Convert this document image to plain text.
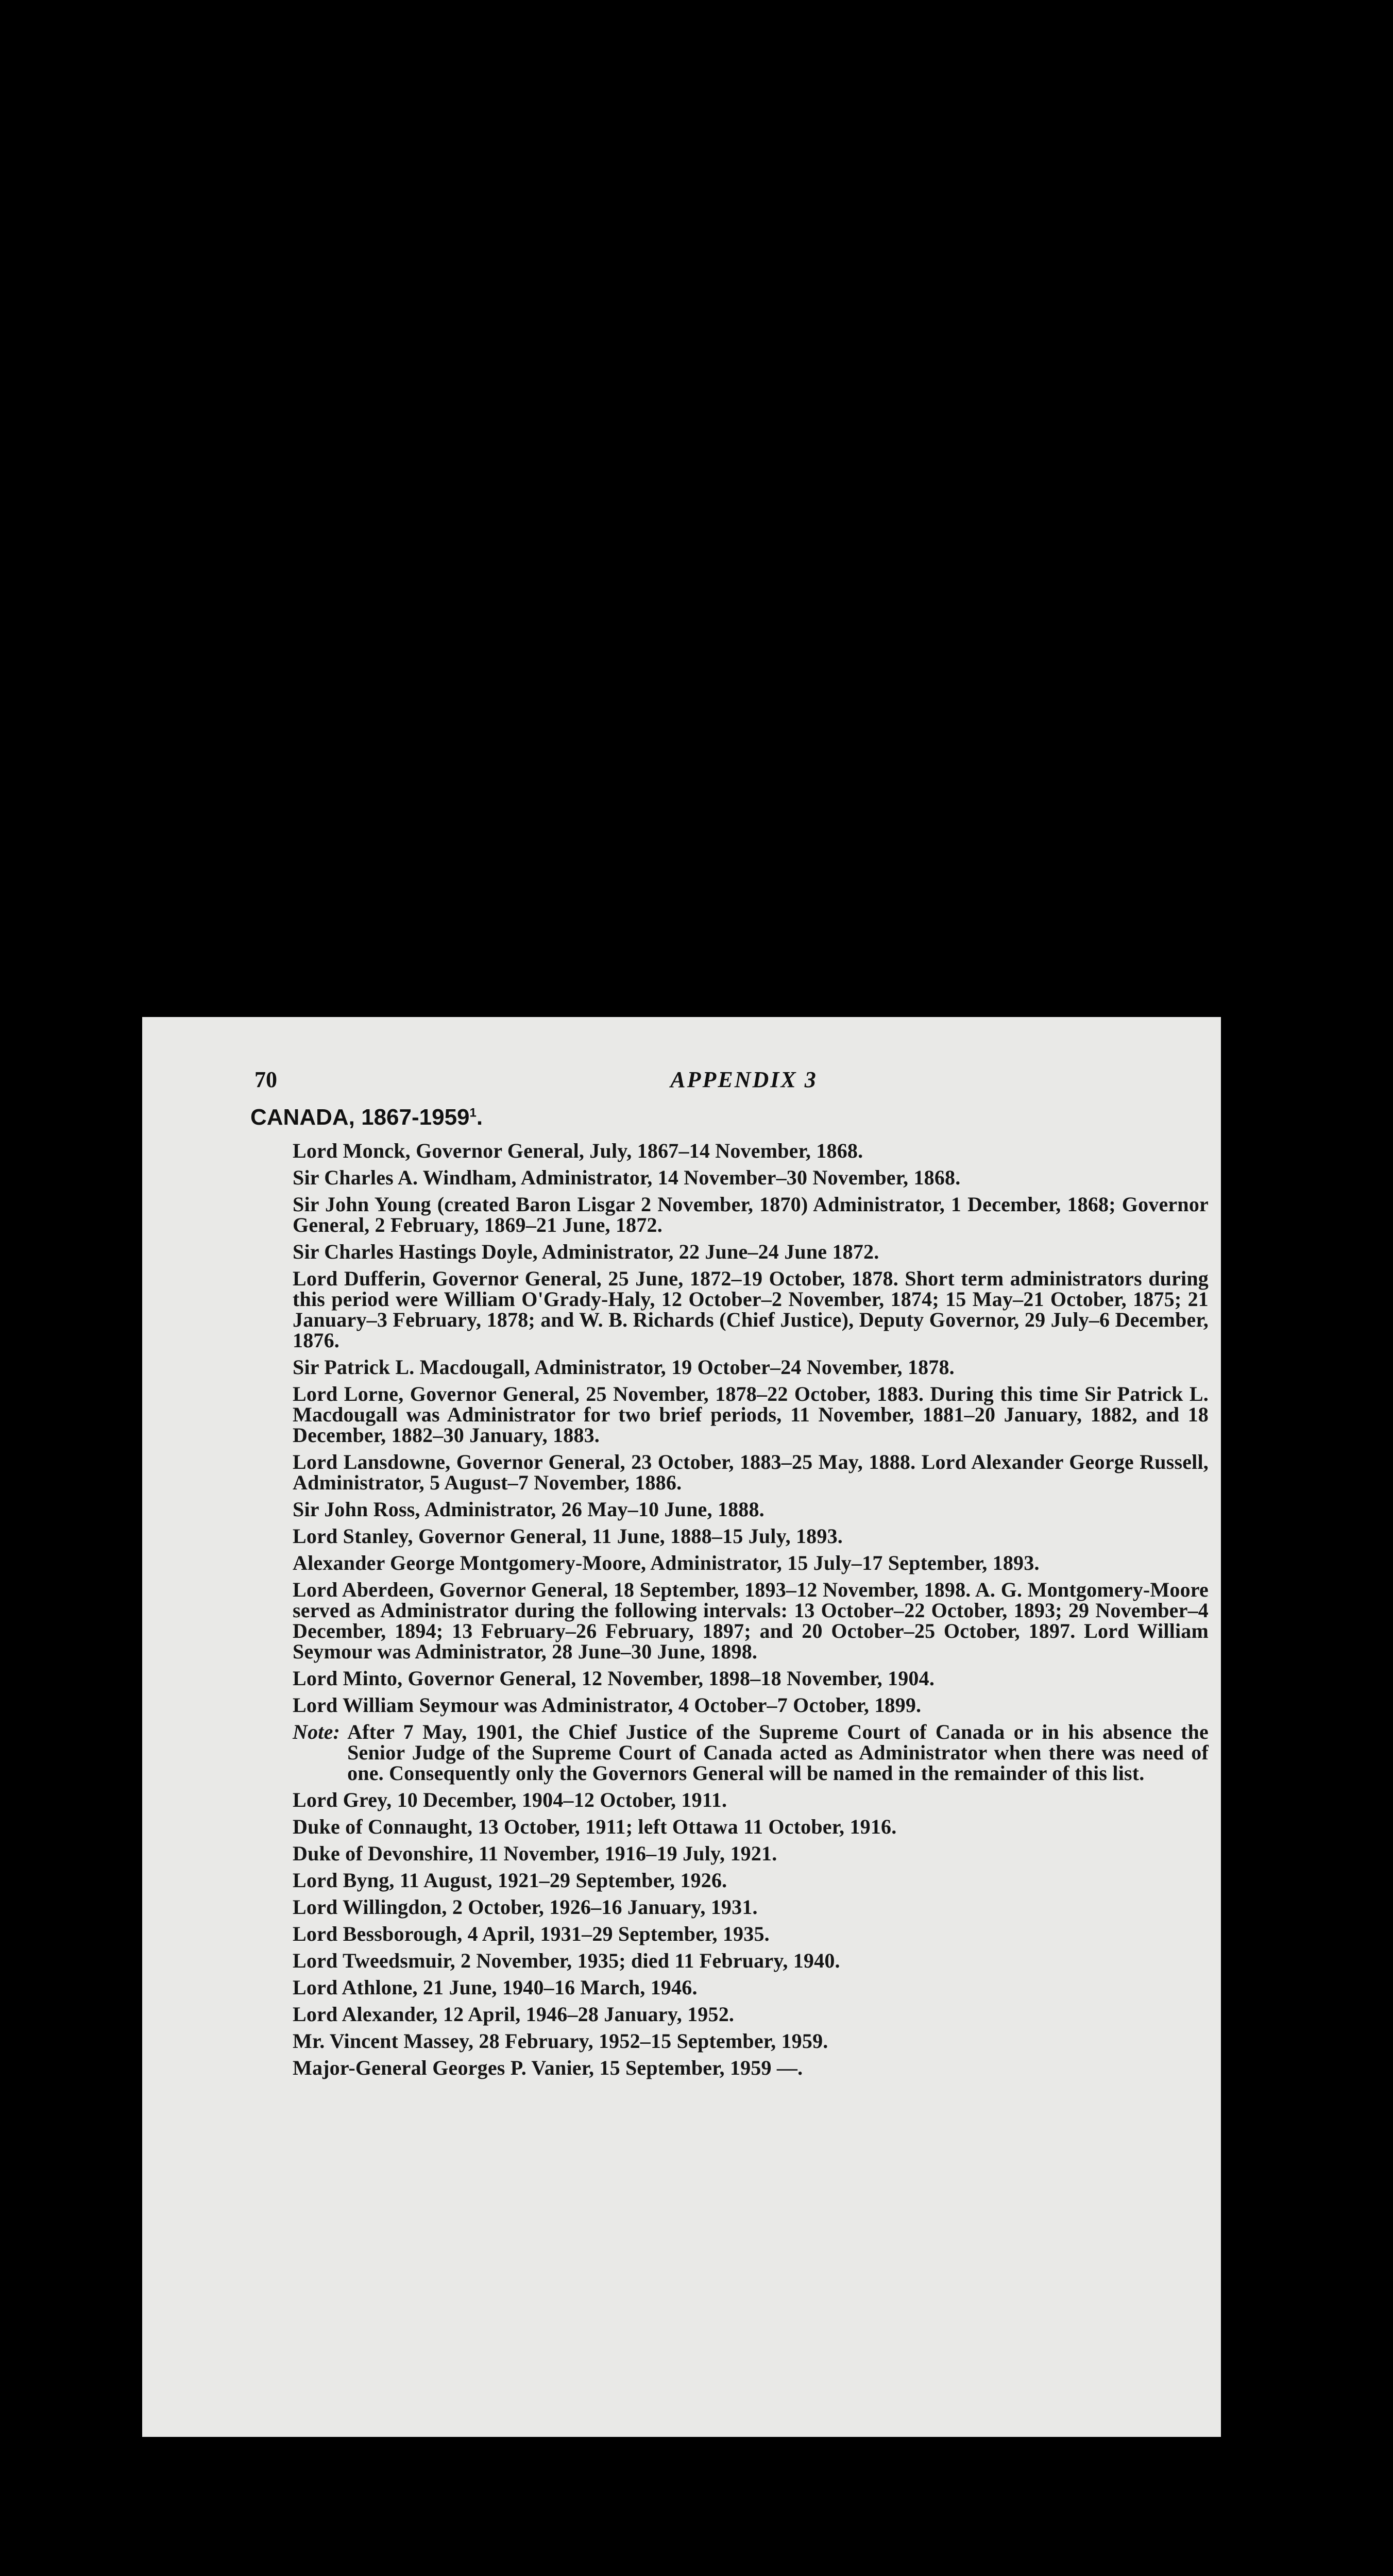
70	APPENDIX 3
CANADA, 1867-1959$^1$.
Lord Monck, Governor General, July, 1867–14 November, 1868.
Sir Charles A. Windham, Administrator, 14 November–30 November, 1868.
Sir John Young (created Baron Lisgar 2 November, 1870) Administrator, 1 December, 1868; Governor General, 2 February, 1869–21 June, 1872.
Sir Charles Hastings Doyle, Administrator, 22 June–24 June 1872.
Lord Dufferin, Governor General, 25 June, 1872–19 October, 1878. Short term administrators during this period were William O'Grady-Haly, 12 October–2 November, 1874; 15 May–21 October, 1875; 21 January–3 February, 1878; and W. B. Richards (Chief Justice), Deputy Governor, 29 July–6 December, 1876.
Sir Patrick L. Macdougall, Administrator, 19 October–24 November, 1878.
Lord Lorne, Governor General, 25 November, 1878–22 October, 1883. During this time Sir Patrick L. Macdougall was Administrator for two brief periods, 11 November, 1881–20 January, 1882, and 18 December, 1882–30 January, 1883.
Lord Lansdowne, Governor General, 23 October, 1883–25 May, 1888. Lord Alexander George Russell, Administrator, 5 August–7 November, 1886.
Sir John Ross, Administrator, 26 May–10 June, 1888.
Lord Stanley, Governor General, 11 June, 1888–15 July, 1893.
Alexander George Montgomery-Moore, Administrator, 15 July–17 September, 1893.
Lord Aberdeen, Governor General, 18 September, 1893–12 November, 1898. A. G. Montgomery-Moore served as Administrator during the following intervals: 13 October–22 October, 1893; 29 November–4 December, 1894; 13 February–26 February, 1897; and 20 October–25 October, 1897. Lord William Seymour was Administrator, 28 June–30 June, 1898.
Lord Minto, Governor General, 12 November, 1898–18 November, 1904.
Lord William Seymour was Administrator, 4 October–7 October, 1899.
Note: After 7 May, 1901, the Chief Justice of the Supreme Court of Canada or in his absence the Senior Judge of the Supreme Court of Canada acted as Administrator when there was need of one. Consequently only the Governors General will be named in the remainder of this list.
Lord Grey, 10 December, 1904–12 October, 1911.
Duke of Connaught, 13 October, 1911; left Ottawa 11 October, 1916.
Duke of Devonshire, 11 November, 1916–19 July, 1921.
Lord Byng, 11 August, 1921–29 September, 1926.
Lord Willingdon, 2 October, 1926–16 January, 1931.
Lord Bessborough, 4 April, 1931–29 September, 1935.
Lord Tweedsmuir, 2 November, 1935; died 11 February, 1940.
Lord Athlone, 21 June, 1940–16 March, 1946.
Lord Alexander, 12 April, 1946–28 January, 1952.
Mr. Vincent Massey, 28 February, 1952–15 September, 1959.
Major-General Georges P. Vanier, 15 September, 1959 —.
